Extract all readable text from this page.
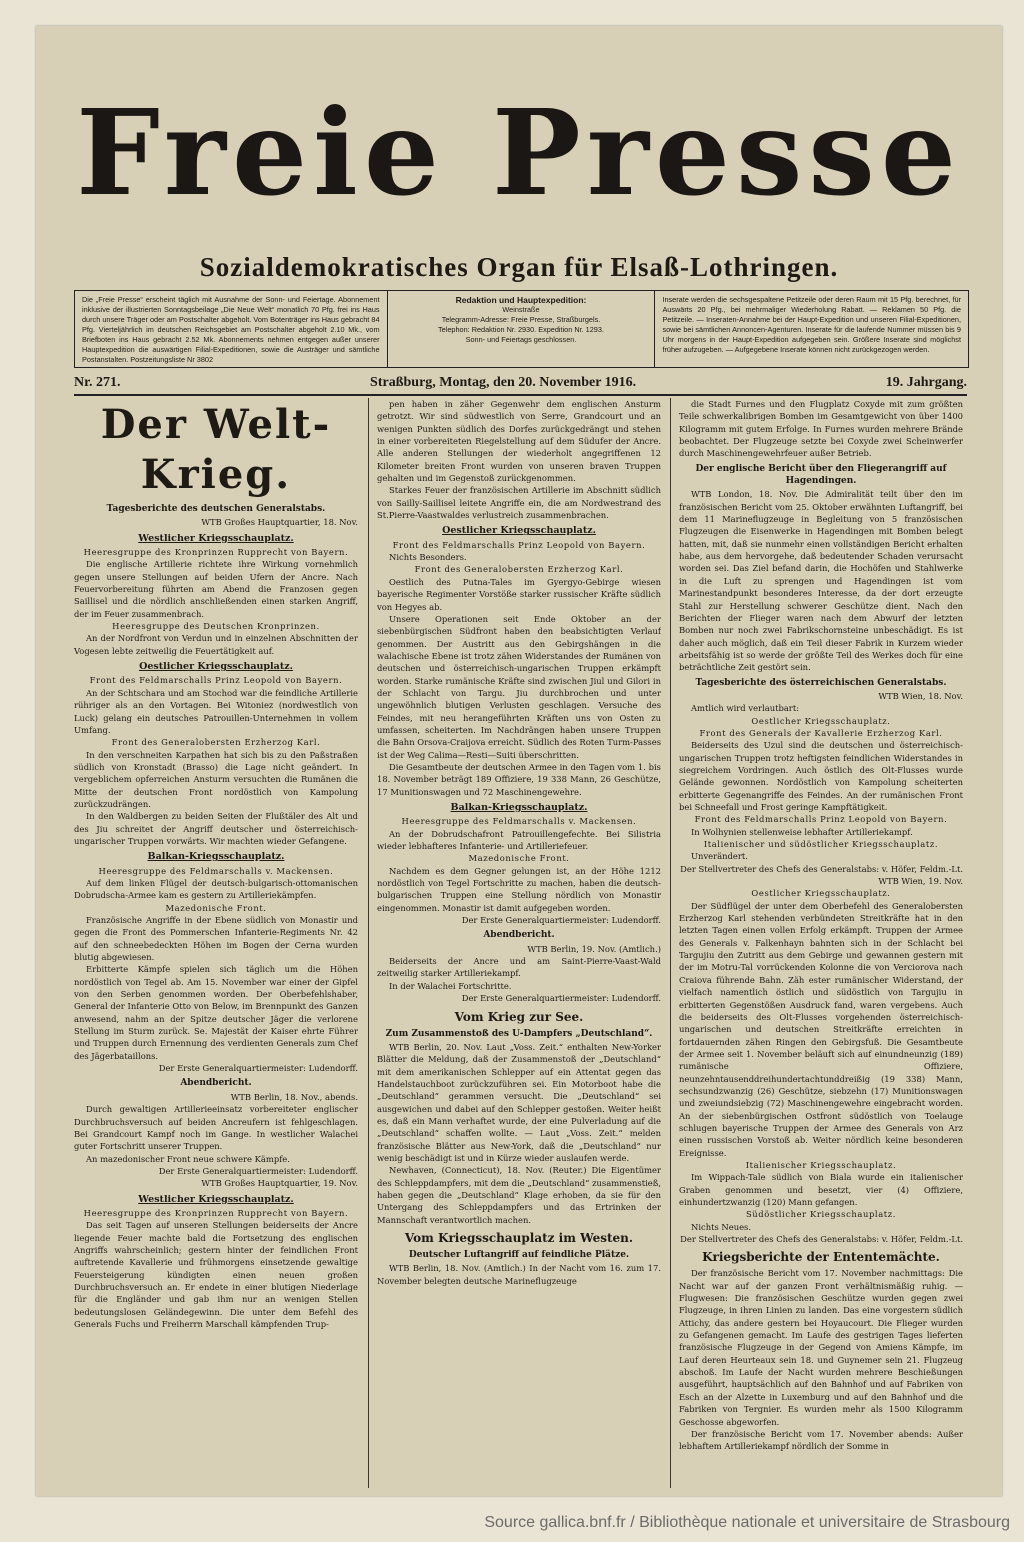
Freie Presse
Sozialdemokratisches Organ für Elsaß-Lothringen.
Die „Freie Presse“ erscheint täglich mit Ausnahme der Sonn- und Feiertage. Abonnement inklusive der illustrierten Sonntagsbeilage „Die Neue Welt“ monatlich 70 Pfg. frei ins Haus durch unsere Träger oder am Postschalter abgeholt. Vom Botenträger ins Haus gebracht 84 Pfg. Vierteljährlich im deutschen Reichsgebiet am Postschalter abgeholt 2.10 Mk., vom Briefboten ins Haus gebracht 2.52 Mk. Abonnements nehmen entgegen außer unserer Hauptexpedition die auswärtigen Filial-Expeditionen, sowie die Austräger und sämtliche Postanstalten. Postzeitungsliste Nr 3802
Redaktion und Hauptexpedition:
Weinstraße
Telegramm-Adresse: Freie Presse, Straßburgels.
Telephon: Redaktion Nr. 2930. Expedition Nr. 1293.
Sonn- und Feiertags geschlossen.
Inserate werden die sechsgespaltene Petitzeile oder deren Raum mit 15 Pfg. berechnet, für Auswärts 20 Pfg., bei mehrmaliger Wiederholung Rabatt. — Reklamen 50 Pfg. die Petitzeile. — Inseraten-Annahme bei der Haupt-Expedition und unseren Filial-Expeditionen, sowie bei sämtlichen Annoncen-Agenturen. Inserate für die laufende Nummer müssen bis 9 Uhr morgens in der Haupt-Expedition aufgegeben sein. Größere Inserate sind möglichst früher aufzugeben. — Aufgegebene Inserate können nicht zurückgezogen werden.
Nr. 271.	Straßburg, Montag, den 20. November 1916.	19. Jahrgang.
Der Welt-Krieg.

Tagesberichte des deutschen Generalstabs.

WTB Großes Hauptquartier, 18. Nov.

Westlicher Kriegsschauplatz.

Heeresgruppe des Kronprinzen Rupprecht von Bayern.

Die englische Artillerie richtete ihre Wirkung vornehmlich gegen unsere Stellungen auf beiden Ufern der Ancre. Nach Feuervorbereitung führten am Abend die Franzosen gegen Saillisel und die nördlich anschließenden einen starken Angriff, der im Feuer zusammenbrach.

Heeresgruppe des Deutschen Kronprinzen.

An der Nordfront von Verdun und in einzelnen Abschnitten der Vogesen lebte zeitweilig die Feuertätigkeit auf.

Oestlicher Kriegsschauplatz.

Front des Feldmarschalls Prinz Leopold von Bayern.

An der Schtschara und am Stochod war die feindliche Artillerie rühriger als an den Vortagen. Bei Witoniez (nordwestlich von Luck) gelang ein deutsches Patrouillen-Unternehmen in vollem Umfang.

Front des Generalobersten Erzherzog Karl.

In den verschneiten Karpathen hat sich bis zu den Paßstraßen südlich von Kronstadt (Brasso) die Lage nicht geändert. In vergeblichem opferreichen Ansturm versuchten die Rumänen die Mitte der deutschen Front nordöstlich von Kampolung zurückzudrängen.

In den Waldbergen zu beiden Seiten der Flußtäler des Alt und des Jiu schreitet der Angriff deutscher und österreichisch-ungarischer Truppen vorwärts. Wir machten wieder Gefangene.

Balkan-Kriegsschauplatz.

Heeresgruppe des Feldmarschalls v. Mackensen.

Auf dem linken Flügel der deutsch-bulgarisch-ottomanischen Dobrudscha-Armee kam es gestern zu Artilleriekämpfen.

Mazedonische Front.

Französische Angriffe in der Ebene südlich von Monastir und gegen die Front des Pommerschen Infanterie-Regiments Nr. 42 auf den schneebedeckten Höhen im Bogen der Cerna wurden blutig abgewiesen.

Erbitterte Kämpfe spielen sich täglich um die Höhen nordöstlich von Tegel ab. Am 15. November war einer der Gipfel von den Serben genommen worden. Der Oberbefehlshaber, General der Infanterie Otto von Below, im Brennpunkt des Ganzen anwesend, nahm an der Spitze deutscher Jäger die verlorene Stellung im Sturm zurück. Se. Majestät der Kaiser ehrte Führer und Truppen durch Ernennung des verdienten Generals zum Chef des Jägerbataillons.

Der Erste Generalquartiermeister: Ludendorff.

Abendbericht.

WTB Berlin, 18. Nov., abends.

Durch gewaltigen Artillerieeinsatz vorbereiteter englischer Durchbruchsversuch auf beiden Ancreufern ist fehlgeschlagen. Bei Grandcourt Kampf noch im Gange. In westlicher Walachei guter Fortschritt unserer Truppen.

An mazedonischer Front neue schwere Kämpfe.

Der Erste Generalquartiermeister: Ludendorff.

WTB Großes Hauptquartier, 19. Nov.

Westlicher Kriegsschauplatz.

Heeresgruppe des Kronprinzen Rupprecht von Bayern.

Das seit Tagen auf unseren Stellungen beiderseits der Ancre liegende Feuer machte bald die Fortsetzung des englischen Angriffs wahrscheinlich; gestern hinter der feindlichen Front auftretende Kavallerie und frühmorgens einsetzende gewaltige Feuersteigerung kündigten einen neuen großen Durchbruchsversuch an. Er endete in einer blutigen Niederlage für die Engländer und gab ihm nur an wenigen Stellen bedeutungslosen Geländegewinn. Die unter dem Befehl des Generals Fuchs und Freiherrn Marschall kämpfenden Trup-

pen haben in zäher Gegenwehr dem englischen Ansturm getrotzt. Wir sind südwestlich von Serre, Grandcourt und an wenigen Punkten südlich des Dorfes zurückgedrängt und stehen in einer vorbereiteten Riegelstellung auf dem Südufer der Ancre. Alle anderen Stellungen der wiederholt angegriffenen 12 Kilometer breiten Front wurden von unseren braven Truppen gehalten und im Gegenstoß zurückgenommen.

Starkes Feuer der französischen Artillerie im Abschnitt südlich von Sailly-Saillisel leitete Angriffe ein, die am Nordwestrand des St.Pierre-Vaastwaldes verlustreich zusammenbrachen.

Oestlicher Kriegsschauplatz.

Front des Feldmarschalls Prinz Leopold von Bayern.

Nichts Besonders.

Front des Generalobersten Erzherzog Karl.

Oestlich des Putna-Tales im Gyergyo-Gebirge wiesen bayerische Regimenter Vorstöße starker russischer Kräfte südlich von Hegyes ab.

Unsere Operationen seit Ende Oktober an der siebenbürgischen Südfront haben den beabsichtigten Verlauf genommen. Der Austritt aus den Gebirgshängen in die walachische Ebene ist trotz zähen Widerstandes der Rumänen von deutschen und österreichisch-ungarischen Truppen erkämpft worden. Starke rumänische Kräfte sind zwischen Jiul und Gilori in der Schlacht von Targu. Jiu durchbrochen und unter ungewöhnlich blutigen Verlusten geschlagen. Versuche des Feindes, mit neu herangeführten Kräften uns von Osten zu umfassen, scheiterten. Im Nachdrängen haben unsere Truppen die Bahn Orsova-Craijova erreicht. Südlich des Roten Turm-Passes ist der Weg Calima—Resti—Suiti überschritten.

Die Gesamtbeute der deutschen Armee in den Tagen vom 1. bis 18. November beträgt 189 Offiziere, 19 338 Mann, 26 Geschütze, 17 Munitionswagen und 72 Maschinengewehre.

Balkan-Kriegsschauplatz.

Heeresgruppe des Feldmarschalls v. Mackensen.

An der Dobrudschafront Patrouillengefechte. Bei Silistria wieder lebhafteres Infanterie- und Artilleriefeuer.

Mazedonische Front.

Nachdem es dem Gegner gelungen ist, an der Höhe 1212 nordöstlich von Tegel Fortschritte zu machen, haben die deutsch-bulgarischen Truppen eine Stellung nördlich von Monastir eingenommen. Monastir ist damit aufgegeben worden.

Der Erste Generalquartiermeister: Ludendorff.

Abendbericht.

WTB Berlin, 19. Nov. (Amtlich.)

Beiderseits der Ancre und am Saint-Pierre-Vaast-Wald zeitweilig starker Artilleriekampf.

In der Walachei Fortschritte.

Der Erste Generalquartiermeister: Ludendorff.

Vom Krieg zur See.

Zum Zusammenstoß des U-Dampfers „Deutschland“.

WTB Berlin, 20. Nov. Laut „Voss. Zeit.“ enthalten New-Yorker Blätter die Meldung, daß der Zusammenstoß der „Deutschland“ mit dem amerikanischen Schlepper auf ein Attentat gegen das Handelstauchboot zurückzuführen sei. Ein Motorboot habe die „Deutschland“ gerammen versucht. Die „Deutschland“ sei ausgewichen und dabei auf den Schlepper gestoßen. Weiter heißt es, daß ein Mann verhaftet wurde, der eine Pulverladung auf die „Deutschland“ schaffen wollte. — Laut „Voss. Zeit.“ melden französische Blätter aus New-York, daß die „Deutschland“ nur wenig beschädigt ist und in Kürze wieder auslaufen werde.

Newhaven, (Connecticut), 18. Nov. (Reuter.) Die Eigentümer des Schleppdampfers, mit dem die „Deutschland“ zusammenstieß, haben gegen die „Deutschland“ Klage erhoben, da sie für den Untergang des Schleppdampfers und das Ertrinken der Mannschaft verantwortlich machen.

Vom Kriegsschauplatz im Westen.

Deutscher Luftangriff auf feindliche Plätze.

WTB Berlin, 18. Nov. (Amtlich.) In der Nacht vom 16. zum 17. November belegten deutsche Marineflugzeuge

die Stadt Furnes und den Flugplatz Coxyde mit zum größten Teile schwerkalibrigen Bomben im Gesamtgewicht von über 1400 Kilogramm mit gutem Erfolge. In Furnes wurden mehrere Brände beobachtet. Der Flugzeuge setzte bei Coxyde zwei Scheinwerfer durch Maschinengewehrfeuer außer Betrieb.

Der englische Bericht über den Fliegerangriff auf Hagendingen.

WTB London, 18. Nov. Die Admiralität teilt über den im französischen Bericht vom 25. Oktober erwähnten Luftangriff, bei dem 11 Marineflugzeuge in Begleitung von 5 französischen Flugzeugen die Eisenwerke in Hagendingen mit Bomben belegt hatten, mit, daß sie nunmehr einen vollständigen Bericht erhalten habe, aus dem hervorgehe, daß bedeutender Schaden verursacht worden sei. Das Ziel befand darin, die Hochöfen und Stahlwerke in die Luft zu sprengen und Hagendingen ist vom Marinestandpunkt besonderes Interesse, da der dort erzeugte Stahl zur Herstellung schwerer Geschütze dient. Nach den Berichten der Flieger waren nach dem Abwurf der letzten Bomben nur noch zwei Fabrikschornsteine unbeschädigt. Es ist daher auch möglich, daß ein Teil dieser Fabrik in Kurzem wieder arbeitsfähig ist so werde der größte Teil des Werkes doch für eine beträchtliche Zeit gestört sein.

Tagesberichte des österreichischen Generalstabs.

WTB Wien, 18. Nov.

Amtlich wird verlautbart:

Oestlicher Kriegsschauplatz.

Front des Generals der Kavallerie Erzherzog Karl.

Beiderseits des Uzul sind die deutschen und österreichisch-ungarischen Truppen trotz heftigsten feindlichen Widerstandes in siegreichem Vordringen. Auch östlich des Olt-Flusses wurde Gelände gewonnen. Nordöstlich von Kampolung scheiterten erbitterte Gegenangriffe des Feindes. An der rumänischen Front bei Schneefall und Frost geringe Kampftätigkeit.

Front des Feldmarschalls Prinz Leopold von Bayern.

In Wolhynien stellenweise lebhafter Artilleriekampf.

Italienischer und südöstlicher Kriegsschauplatz.

Unverändert.

Der Stellvertreter des Chefs des Generalstabs: v. Höfer, Feldm.-Lt.

WTB Wien, 19. Nov.

Oestlicher Kriegsschauplatz.

Der Südflügel der unter dem Oberbefehl des Generalobersten Erzherzog Karl stehenden verbündeten Streitkräfte hat in den letzten Tagen einen vollen Erfolg erkämpft. Truppen der Armee des Generals v. Falkenhayn bahnten sich in der Schlacht bei Targujiu den Zutritt aus dem Gebirge und gewannen gestern mit der im Motru-Tal vorrückenden Kolonne die von Verciorova nach Craiova führende Bahn. Zäh ester rumänischer Widerstand, der vielfach namentlich östlich und südöstlich von Targujiu in erbitterten Gegenstößen Ausdruck fand, waren vergebens. Auch die beiderseits des Olt-Flusses vorgehenden österreichisch-ungarischen und deutschen Streitkräfte erreichten in fortdauernden zähen Ringen den Gebirgsfuß. Die Gesamtbeute der Armee seit 1. November beläuft sich auf einundneunzig (189) rumänische Offiziere, neunzehntausenddreihundertachtunddreißig (19 338) Mann, sechsundzwanzig (26) Geschütze, siebzehn (17) Munitionswagen und zweiundsiebzig (72) Maschinengewehre eingebracht worden. An der siebenbürgischen Ostfront südöstlich von Toelauge schlugen bayerische Truppen der Armee des Generals von Arz einen russischen Vorstoß ab. Weiter nördlich keine besonderen Ereignisse.

Italienischer Kriegsschauplatz.

Im Wippach-Tale südlich von Biala wurde ein italienischer Graben genommen und besetzt, vier (4) Offiziere, einhundertzwanzig (120) Mann gefangen.

Südöstlicher Kriegsschauplatz.

Nichts Neues.

Der Stellvertreter des Chefs des Generalstabs: v. Höfer, Feldm.-Lt.

Kriegsberichte der Ententemächte.

Der französische Bericht vom 17. November nachmittags: Die Nacht war auf der ganzen Front verhältnismäßig ruhig. — Flugwesen: Die französischen Geschütze wurden gegen zwei Flugzeuge, in ihren Linien zu landen. Das eine vorgestern südlich Attichy, das andere gestern bei Hoyaucourt. Die Flieger wurden zu Gefangenen gemacht. Im Laufe des gestrigen Tages lieferten französische Flugzeuge in der Gegend von Amiens Kämpfe, im Lauf deren Heurteaux sein 18. und Guynemer sein 21. Flugzeug abschoß. Im Laufe der Nacht wurden mehrere Beschießungen ausgeführt, hauptsächlich auf den Bahnhof und auf Fabriken von Esch an der Alzette in Luxemburg und auf den Bahnhof und die Fabriken von Tergnier. Es wurden mehr als 1500 Kilogramm Geschosse abgeworfen.

Der französische Bericht vom 17. November abends: Außer lebhaftem Artilleriekampf nördlich der Somme in

Source gallica.bnf.fr / Bibliothèque nationale et universitaire de Strasbourg
